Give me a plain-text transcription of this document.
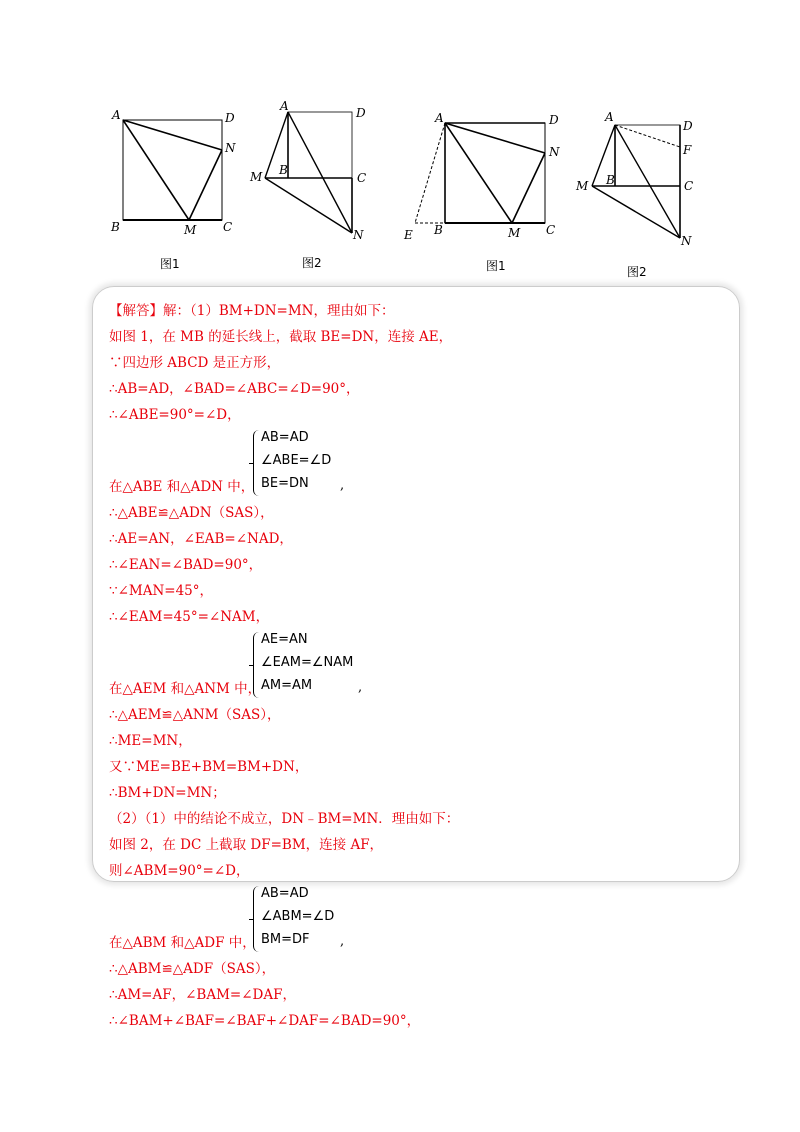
A	D
N
B	M C
图1
A	D
M B
C
N
图2
A	D
N
E B	M C
图1
A
D
F
M B	C
N
图2
【解答】解：（1）BM+DN=MN，理由如下：
如图 1，在 MB 的延长线上，截取 BE=DN，连接 AE，
∵四边形 ABCD 是正方形，
∴AB=AD，∠BAD=∠ABC=∠D=90°，
∴∠ABE=90°=∠D，
AB=AD
∠ABE=∠D
BE=DN
在△ABE 和△ADN 中，	,
∴△ABE≌△ADN（SAS），
∴AE=AN，∠EAB=∠NAD，
∴∠EAN=∠BAD=90°，
∵∠MAN=45°，
∴∠EAM=45°=∠NAM，
AE=AN
∠EAM=∠NAM
AM=AM
在△AEM 和△ANM 中，	,
∴△AEM≌△ANM（SAS），
∴ME=MN，
又∵ME=BE+BM=BM+DN，
∴BM+DN=MN；
（2）（1）中的结论不成立，DN﹣BM=MN．理由如下：
如图 2，在 DC 上截取 DF=BM，连接 AF，
则∠ABM=90°=∠D，
AB=AD
∠ABM=∠D
BM=DF
在△ABM 和△ADF 中，	,
∴△ABM≌△ADF（SAS），
∴AM=AF，∠BAM=∠DAF，
∴∠BAM+∠BAF=∠BAF+∠DAF=∠BAD=90°，
